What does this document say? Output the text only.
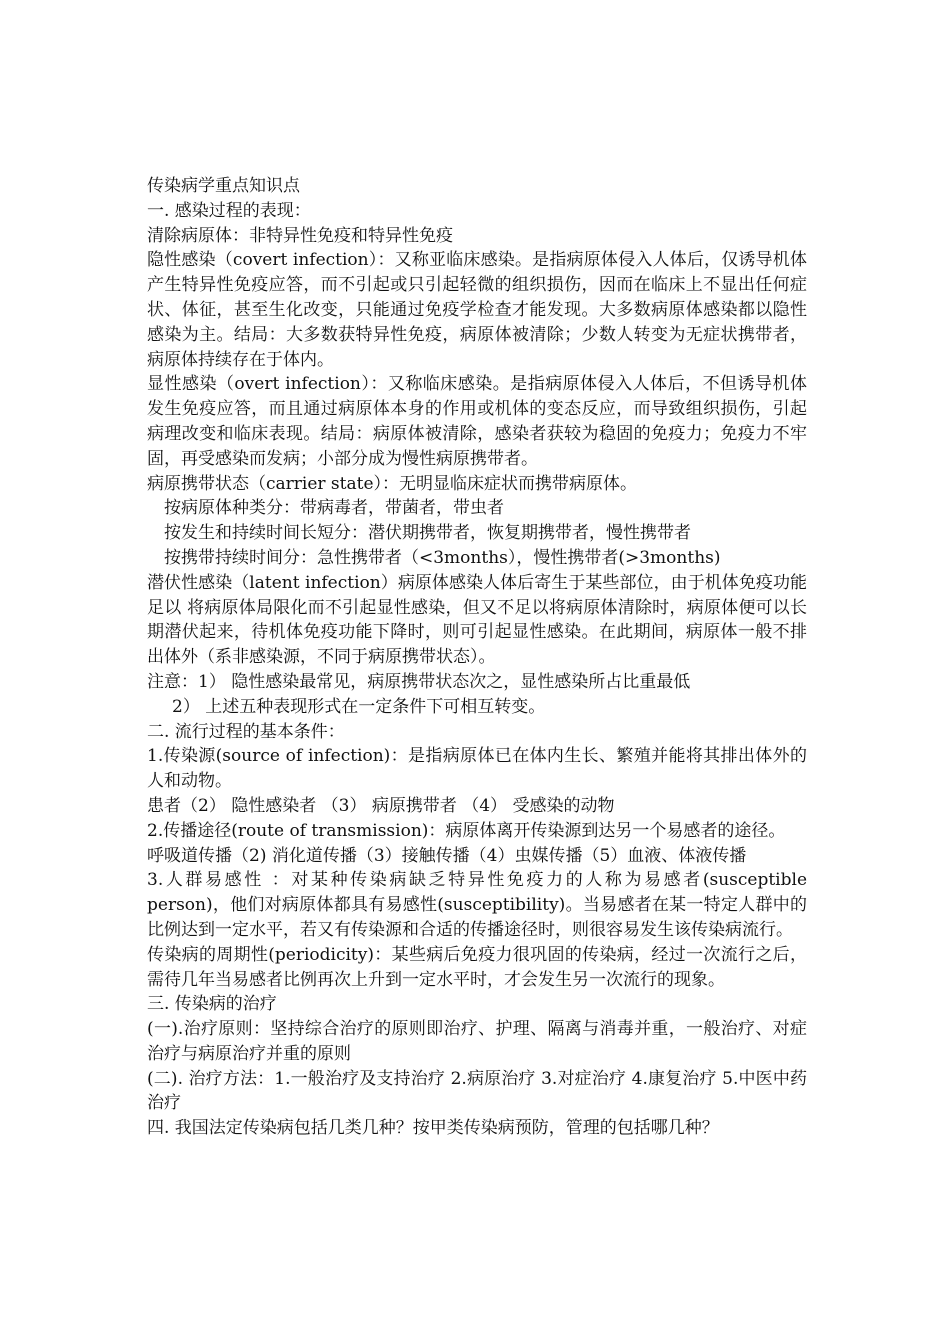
传染病学重点知识点
一. 感染过程的表现：
清除病原体：非特异性免疫和特异性免疫
隐性感染（covert infection）：又称亚临床感染。是指病原体侵入人体后，仅诱导机体产生特异性免疫应答，而不引起或只引起轻微的组织损伤，因而在临床上不显出任何症状、体征，甚至生化改变，只能通过免疫学检查才能发现。大多数病原体感染都以隐性感染为主。结局：大多数获特异性免疫，病原体被清除；少数人转变为无症状携带者，病原体持续存在于体内。
显性感染（overt infection）：又称临床感染。是指病原体侵入人体后，不但诱导机体发生免疫应答，而且通过病原体本身的作用或机体的变态反应，而导致组织损伤，引起病理改变和临床表现。结局：病原体被清除，感染者获较为稳固的免疫力；免疫力不牢固，再受感染而发病；小部分成为慢性病原携带者。
病原携带状态（carrier state）：无明显临床症状而携带病原体。
按病原体种类分：带病毒者，带菌者，带虫者
按发生和持续时间长短分：潜伏期携带者，恢复期携带者，慢性携带者
按携带持续时间分：急性携带者（<3months），慢性携带者(>3months)
潜伏性感染（latent infection）病原体感染人体后寄生于某些部位，由于机体免疫功能足以 将病原体局限化而不引起显性感染，但又不足以将病原体清除时，病原体便可以长期潜伏起来，待机体免疫功能下降时，则可引起显性感染。在此期间，病原体一般不排出体外（系非感染源，不同于病原携带状态）。
注意：1） 隐性感染最常见，病原携带状态次之，显性感染所占比重最低
2） 上述五种表现形式在一定条件下可相互转变。
二. 流行过程的基本条件：
1.传染源(source of infection)：是指病原体已在体内生长、繁殖并能将其排出体外的人和动物。
患者（2） 隐性感染者 （3） 病原携带者 （4） 受感染的动物
2.传播途径(route of transmission)：病原体离开传染源到达另一个易感者的途径。
呼吸道传播（2) 消化道传播（3）接触传播（4）虫媒传播（5）血液、体液传播
3.人群易感性 ：对某种传染病缺乏特异性免疫力的人称为易感者(susceptible person)，他们对病原体都具有易感性(susceptibility)。当易感者在某一特定人群中的比例达到一定水平，若又有传染源和合适的传播途径时，则很容易发生该传染病流行。
传染病的周期性(periodicity)：某些病后免疫力很巩固的传染病，经过一次流行之后，需待几年当易感者比例再次上升到一定水平时，才会发生另一次流行的现象。
三. 传染病的治疗
(一).治疗原则：坚持综合治疗的原则即治疗、护理、隔离与消毒并重，一般治疗、对症治疗与病原治疗并重的原则
(二). 治疗方法：1.一般治疗及支持治疗 2.病原治疗 3.对症治疗 4.康复治疗 5.中医中药治疗
四. 我国法定传染病包括几类几种？按甲类传染病预防，管理的包括哪几种？
